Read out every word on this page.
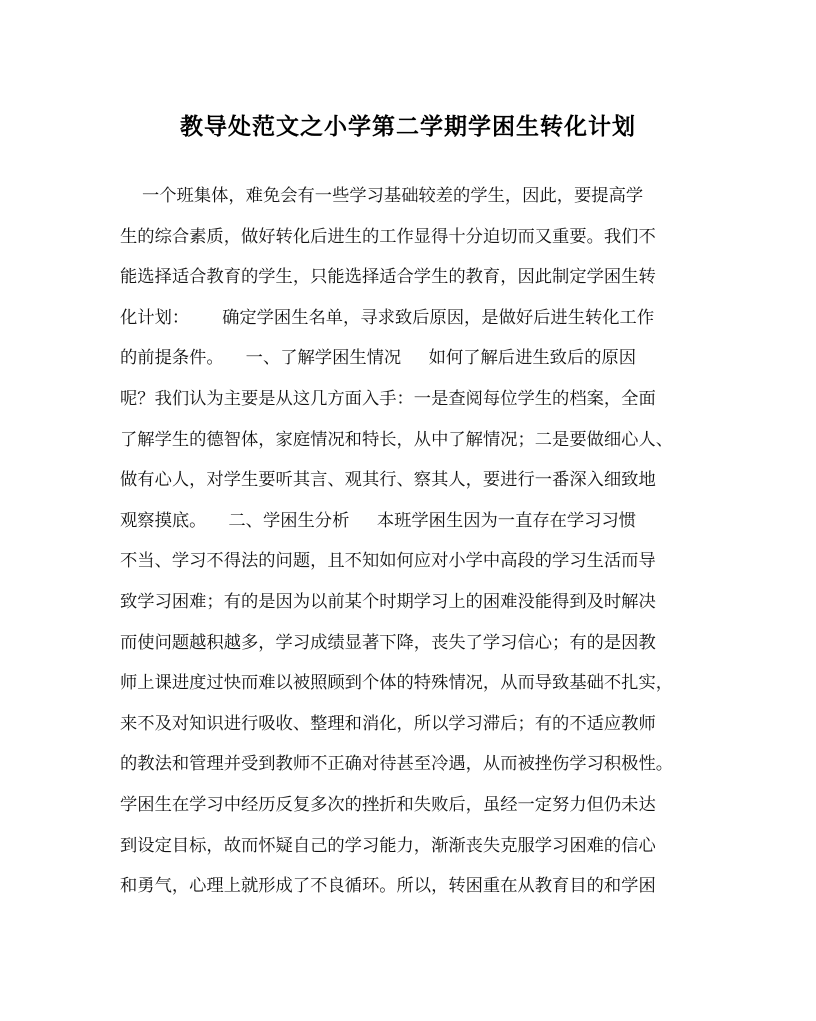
教导处范文之小学第二学期学困生转化计划
一个班集体，难免会有一些学习基础较差的学生，因此，要提高学
生的综合素质，做好转化后进生的工作显得十分迫切而又重要。我们不
能选择适合教育的学生，只能选择适合学生的教育，因此制定学困生转
化计划：      确定学困生名单，寻求致后原因，是做好后进生转化工作
的前提条件。    一、了解学困生情况     如何了解后进生致后的原因
呢？我们认为主要是从这几方面入手：一是查阅每位学生的档案，全面
了解学生的德智体，家庭情况和特长，从中了解情况；二是要做细心人、
做有心人，对学生要听其言、观其行、察其人，要进行一番深入细致地
观察摸底。    二、学困生分析     本班学困生因为一直存在学习习惯
不当、学习不得法的问题，且不知如何应对小学中高段的学习生活而导
致学习困难；有的是因为以前某个时期学习上的困难没能得到及时解决
而使问题越积越多，学习成绩显著下降，丧失了学习信心；有的是因教
师上课进度过快而难以被照顾到个体的特殊情况，从而导致基础不扎实，
来不及对知识进行吸收、整理和消化，所以学习滞后；有的不适应教师
的教法和管理并受到教师不正确对待甚至冷遇，从而被挫伤学习积极性。
学困生在学习中经历反复多次的挫折和失败后，虽经一定努力但仍未达
到设定目标，故而怀疑自己的学习能力，渐渐丧失克服学习困难的信心
和勇气，心理上就形成了不良循环。所以，转困重在从教育目的和学困
